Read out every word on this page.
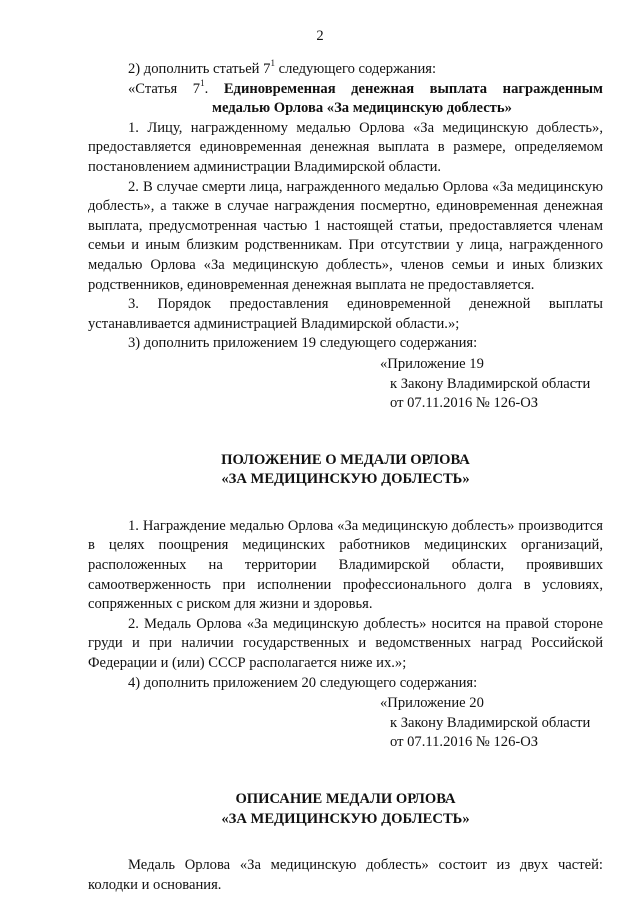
2

2) дополнить статьей $7^1$ следующего содержания:

«Статья $7^1$. Единовременная денежная выплата награжденным

медалью Орлова «За медицинскую доблесть»

1. Лицу, награжденному медалью Орлова «За медицинскую доблесть», предоставляется единовременная денежная выплата в размере, определяемом постановлением администрации Владимирской области.

2. В случае смерти лица, награжденного медалью Орлова «За медицинскую доблесть», а также в случае награждения посмертно, единовременная денежная выплата, предусмотренная частью 1 настоящей статьи, предоставляется членам семьи и иным близким родственникам. При отсутствии у лица, награжденного медалью Орлова «За медицинскую доблесть», членов семьи и иных близких родственников, единовременная денежная выплата не предоставляется.

3. Порядок предоставления единовременной денежной выплаты устанавливается администрацией Владимирской области.»;

3) дополнить приложением 19 следующего содержания:

«Приложение 19
к Закону Владимирской области
от 07.11.2016 № 126-ОЗ

ПОЛОЖЕНИЕ О МЕДАЛИ ОРЛОВА

«ЗА МЕДИЦИНСКУЮ ДОБЛЕСТЬ»

1. Награждение медалью Орлова «За медицинскую доблесть» производится в целях поощрения медицинских работников медицинских организаций, расположенных на территории Владимирской области, проявивших самоотверженность при исполнении профессионального долга в условиях, сопряженных с риском для жизни и здоровья.

2. Медаль Орлова «За медицинскую доблесть» носится на правой стороне груди и при наличии государственных и ведомственных наград Российской Федерации и (или) СССР располагается ниже их.»;

4) дополнить приложением 20 следующего содержания:

«Приложение 20
к Закону Владимирской области
от 07.11.2016 № 126-ОЗ

ОПИСАНИЕ МЕДАЛИ ОРЛОВА

«ЗА МЕДИЦИНСКУЮ ДОБЛЕСТЬ»

Медаль Орлова «За медицинскую доблесть» состоит из двух частей: колодки и основания.
